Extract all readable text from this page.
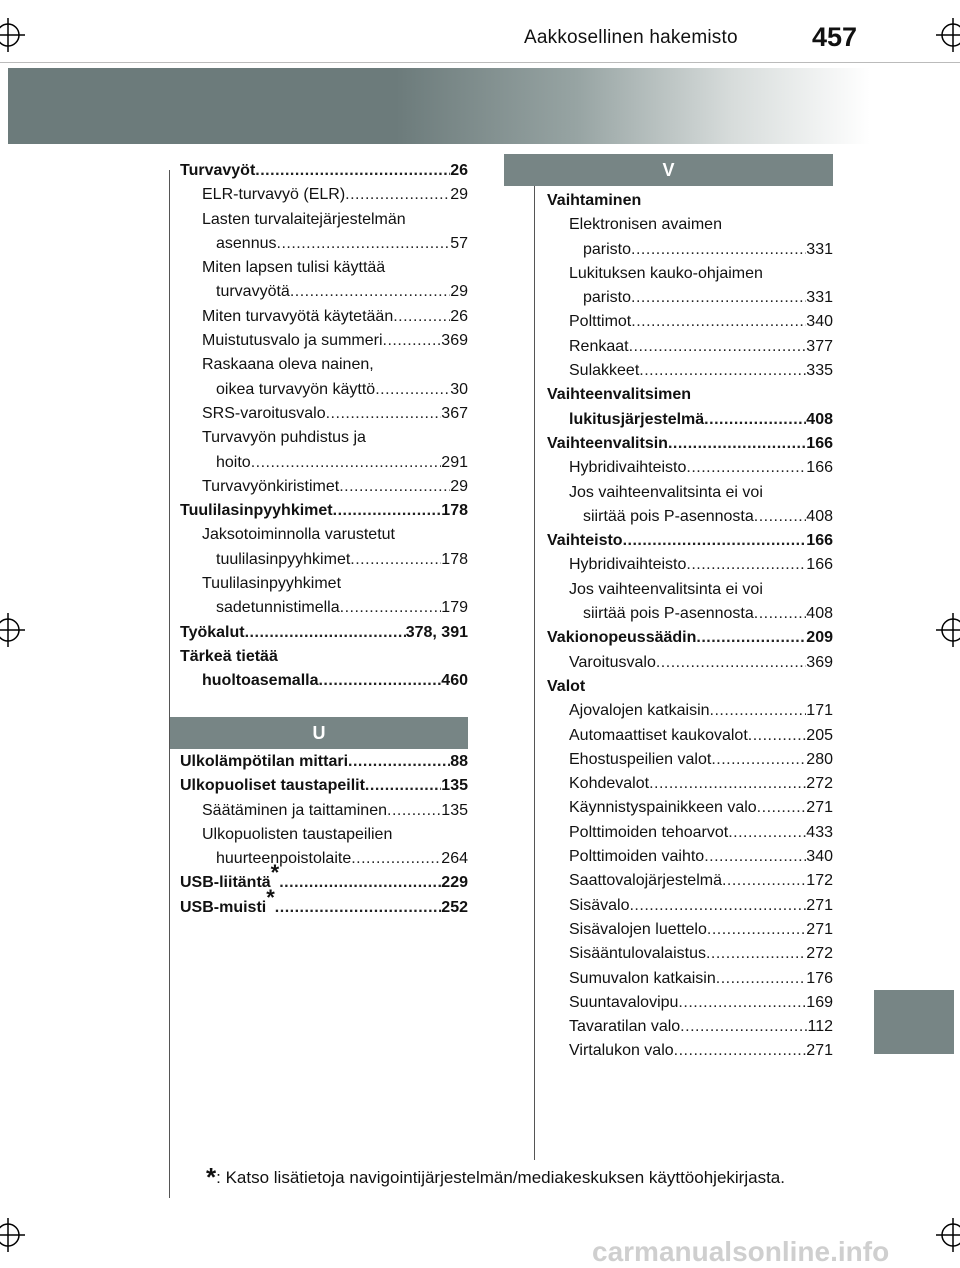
Aakkosellinen hakemisto	457
Turvavyöt .....	26
ELR-turvavyö (ELR) .....	29
Lasten turvalaitejärjestelmän
asennus .....	57
Miten lapsen tulisi käyttää
turvavyötä .....	29
Miten turvavyötä käytetään .....	26
Muistutusvalo ja summeri .....	369
Raskaana oleva nainen,
oikea turvavyön käyttö .....	30
SRS-varoitusvalo .....	367
Turvavyön puhdistus ja
hoito .....	291
Turvavyönkiristimet .....	29
Tuulilasinpyyhkimet .....	178
Jaksotoiminnolla varustetut
tuulilasinpyyhkimet .....	178
Tuulilasinpyyhkimet
sadetunnistimella .....	179
Työkalut .....	378, 391
Tärkeä tietää
huoltoasemalla .....	460
U
Ulkolämpötilan mittari .....	88
Ulkopuoliset taustapeilit .....	135
Säätäminen ja taittaminen .....	135
Ulkopuolisten taustapeilien
huurteenpoistolaite .....	264
USB-liitäntä* .....	229
USB-muisti* .....	252
V
Vaihtaminen
Elektronisen avaimen
paristo .....	331
Lukituksen kauko-ohjaimen
paristo .....	331
Polttimot .....	340
Renkaat .....	377
Sulakkeet .....	335
Vaihteenvalitsimen
lukitusjärjestelmä .....	408
Vaihteenvalitsin .....	166
Hybridivaihteisto .....	166
Jos vaihteenvalitsinta ei voi
siirtää pois P-asennosta .....	408
Vaihteisto .....	166
Hybridivaihteisto .....	166
Jos vaihteenvalitsinta ei voi
siirtää pois P-asennosta .....	408
Vakionopeussäädin .....	209
Varoitusvalo .....	369
Valot
Ajovalojen katkaisin .....	171
Automaattiset kaukovalot .....	205
Ehostuspeilien valot .....	280
Kohdevalot .....	272
Käynnistyspainikkeen valo .....	271
Polttimoiden tehoarvot .....	433
Polttimoiden vaihto .....	340
Saattovalojärjestelmä .....	172
Sisävalo .....	271
Sisävalojen luettelo .....	271
Sisääntulovalaistus .....	272
Sumuvalon katkaisin .....	176
Suuntavalovipu .....	169
Tavaratilan valo .....	112
Virtalukon valo .....	271
*: Katso lisätietoja navigointijärjestelmän/mediakeskuksen käyttöohjekirjasta.
carmanualsonline.info
